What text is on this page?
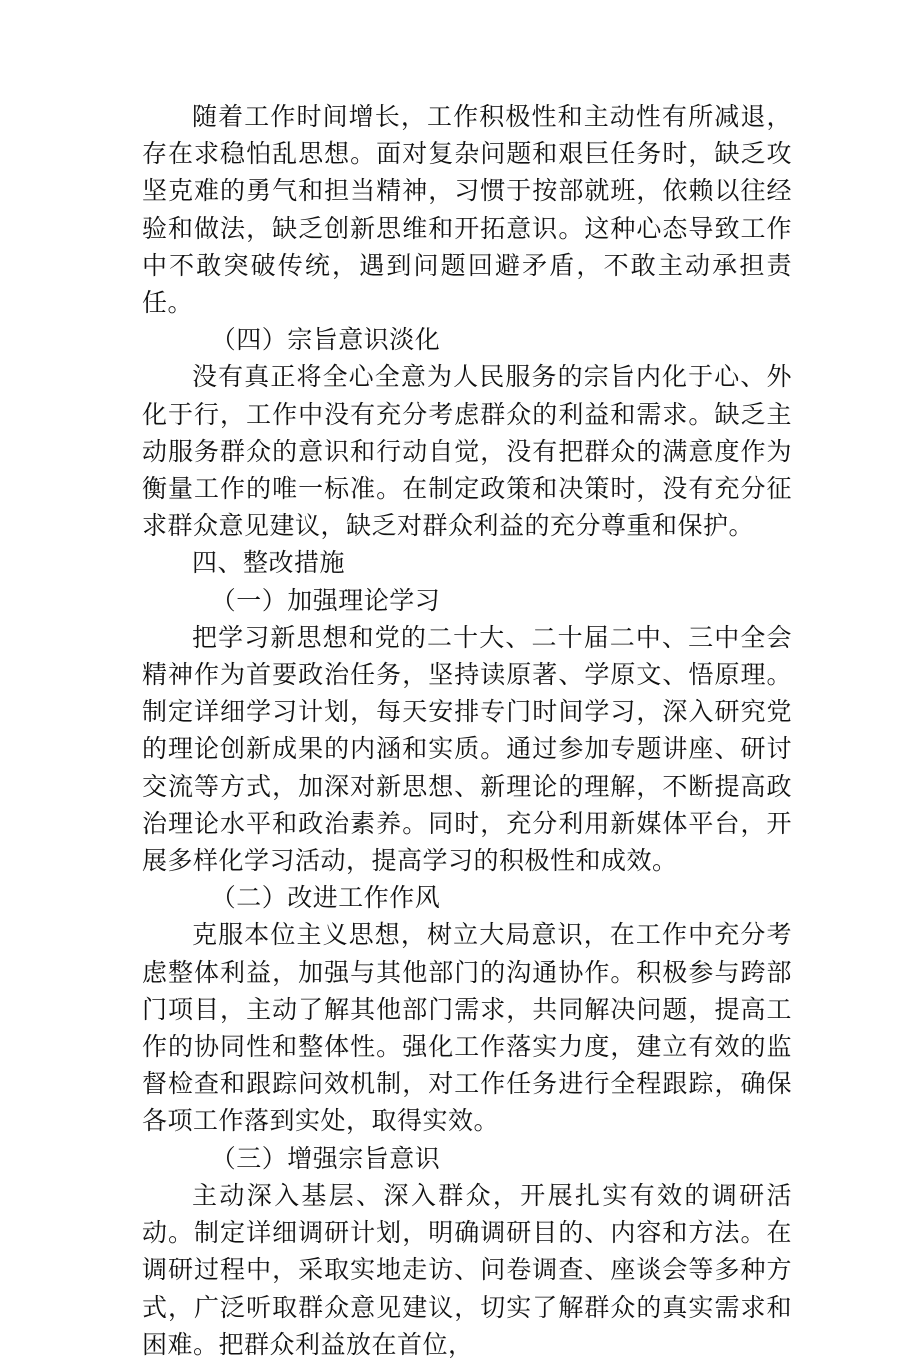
随着工作时间增长，工作积极性和主动性有所减退，存在求稳怕乱思想。面对复杂问题和艰巨任务时，缺乏攻坚克难的勇气和担当精神，习惯于按部就班，依赖以往经验和做法，缺乏创新思维和开拓意识。这种心态导致工作中不敢突破传统，遇到问题回避矛盾，不敢主动承担责任。

（四）宗旨意识淡化

没有真正将全心全意为人民服务的宗旨内化于心、外化于行，工作中没有充分考虑群众的利益和需求。缺乏主动服务群众的意识和行动自觉，没有把群众的满意度作为衡量工作的唯一标准。在制定政策和决策时，没有充分征求群众意见建议，缺乏对群众利益的充分尊重和保护。

四、整改措施

（一）加强理论学习

把学习新思想和党的二十大、二十届二中、三中全会精神作为首要政治任务，坚持读原著、学原文、悟原理。制定详细学习计划，每天安排专门时间学习，深入研究党的理论创新成果的内涵和实质。通过参加专题讲座、研讨交流等方式，加深对新思想、新理论的理解，不断提高政治理论水平和政治素养。同时，充分利用新媒体平台，开展多样化学习活动，提高学习的积极性和成效。

（二）改进工作作风

克服本位主义思想，树立大局意识，在工作中充分考虑整体利益，加强与其他部门的沟通协作。积极参与跨部门项目，主动了解其他部门需求，共同解决问题，提高工作的协同性和整体性。强化工作落实力度，建立有效的监督检查和跟踪问效机制，对工作任务进行全程跟踪，确保各项工作落到实处，取得实效。

（三）增强宗旨意识

主动深入基层、深入群众，开展扎实有效的调研活动。制定详细调研计划，明确调研目的、内容和方法。在调研过程中，采取实地走访、问卷调查、座谈会等多种方式，广泛听取群众意见建议，切实了解群众的真实需求和困难。把群众利益放在首位，
